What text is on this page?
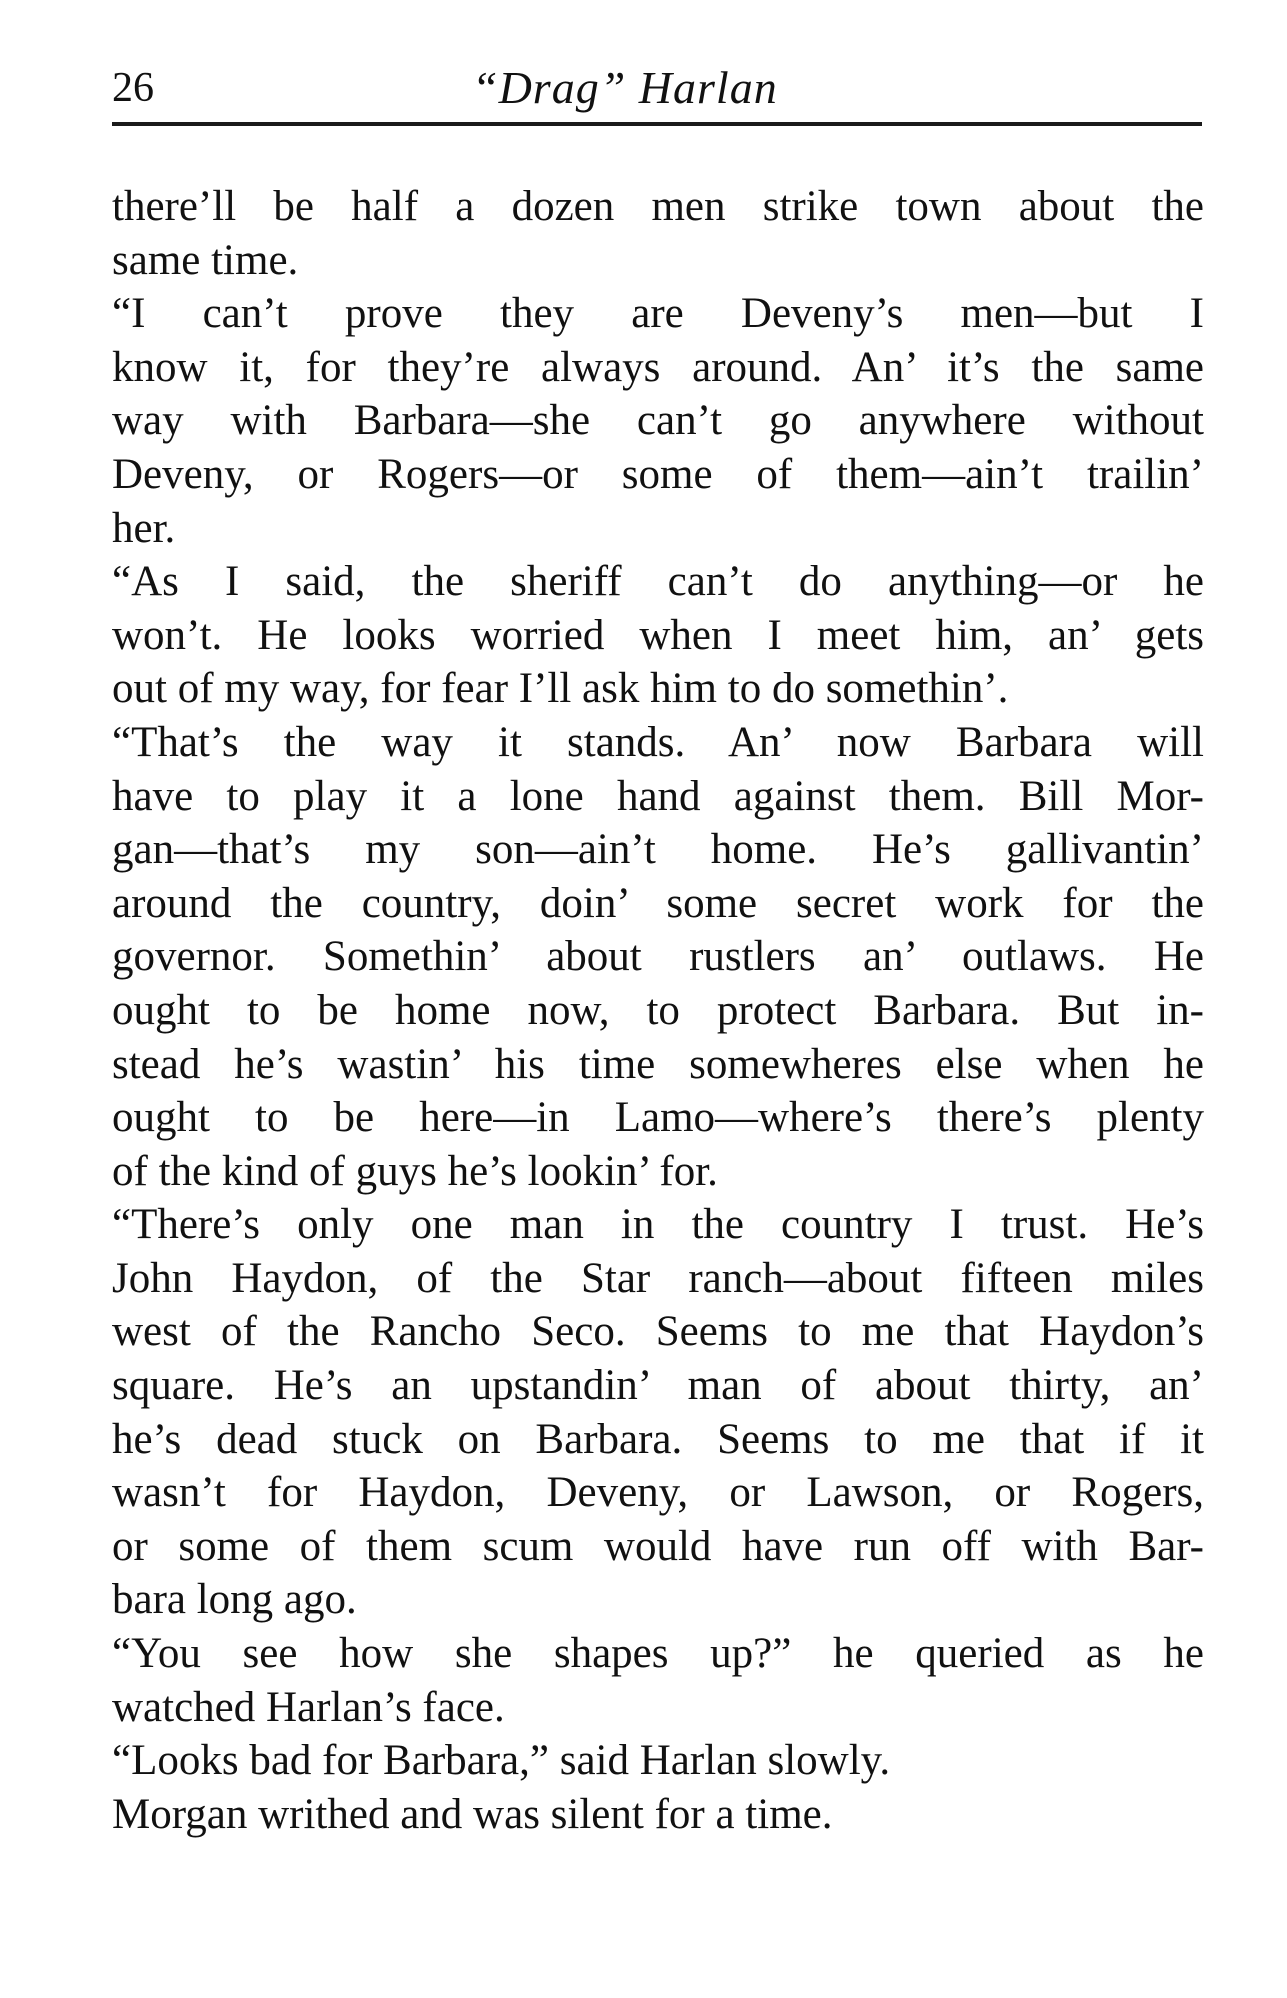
26	“Drag” Harlan
there’ll be half a dozen men strike town about the
same time.
“I can’t prove they are Deveny’s men—but I
know it, for they’re always around. An’ it’s the same
way with Barbara—she can’t go anywhere without
Deveny, or Rogers—or some of them—ain’t trailin’
her.
“As I said, the sheriff can’t do anything—or he
won’t. He looks worried when I meet him, an’ gets
out of my way, for fear I’ll ask him to do somethin’.
“That’s the way it stands. An’ now Barbara will
have to play it a lone hand against them. Bill Mor-
gan—that’s my son—ain’t home. He’s gallivantin’
around the country, doin’ some secret work for the
governor. Somethin’ about rustlers an’ outlaws. He
ought to be home now, to protect Barbara. But in-
stead he’s wastin’ his time somewheres else when he
ought to be here—in Lamo—where’s there’s plenty
of the kind of guys he’s lookin’ for.
“There’s only one man in the country I trust. He’s
John Haydon, of the Star ranch—about fifteen miles
west of the Rancho Seco. Seems to me that Haydon’s
square. He’s an upstandin’ man of about thirty, an’
he’s dead stuck on Barbara. Seems to me that if it
wasn’t for Haydon, Deveny, or Lawson, or Rogers,
or some of them scum would have run off with Bar-
bara long ago.
“You see how she shapes up?” he queried as he
watched Harlan’s face.
“Looks bad for Barbara,” said Harlan slowly.
Morgan writhed and was silent for a time.
